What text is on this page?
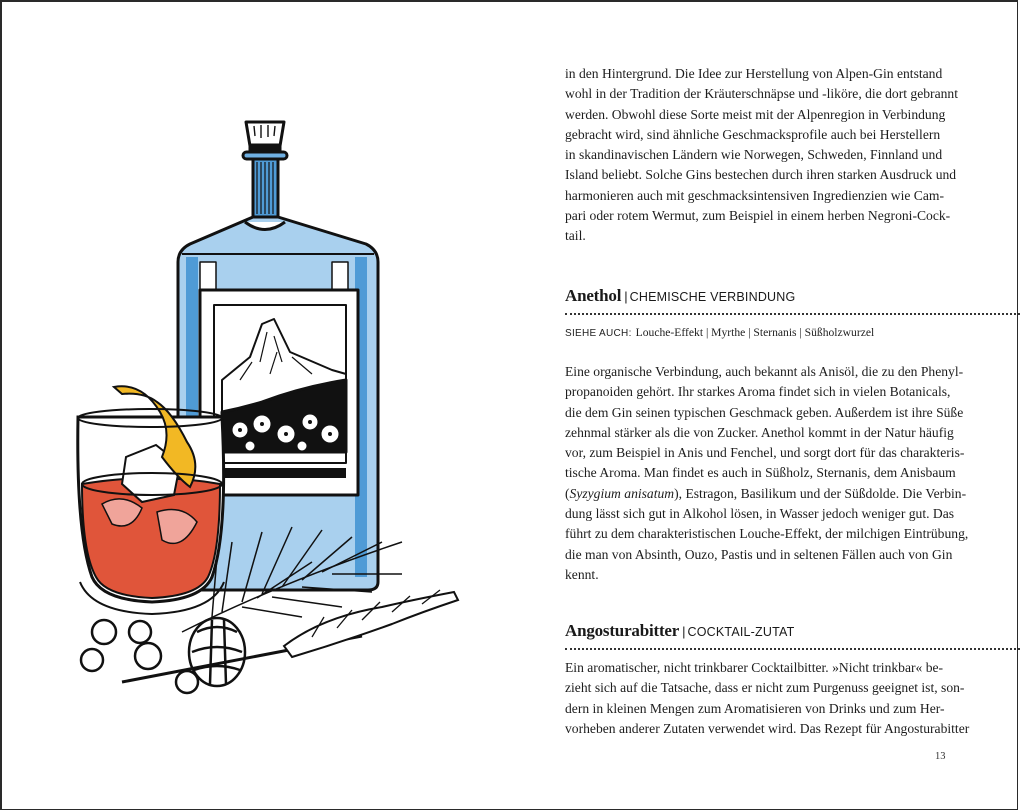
in den Hintergrund. Die Idee zur Herstellung von Alpen-Gin entstand
wohl in der Tradition der Kräuterschnäpse und -liköre, die dort gebrannt
werden. Obwohl diese Sorte meist mit der Alpenregion in Verbindung
gebracht wird, sind ähnliche Geschmacksprofile auch bei Herstellern
in skandinavischen Ländern wie Norwegen, Schweden, Finnland und
Island beliebt. Solche Gins bestechen durch ihren starken Ausdruck und
harmonieren auch mit geschmacksintensiven Ingredienzien wie Cam-
pari oder rotem Wermut, zum Beispiel in einem herben Negroni-Cock-
tail.
Anethol | CHEMISCHE VERBINDUNG
SIEHE AUCH: Louche-Effekt | Myrthe | Sternanis | Süßholzwurzel
Eine organische Verbindung, auch bekannt als Anisöl, die zu den Phenyl-
propanoiden gehört. Ihr starkes Aroma findet sich in vielen Botanicals,
die dem Gin seinen typischen Geschmack geben. Außerdem ist ihre Süße
zehnmal stärker als die von Zucker. Anethol kommt in der Natur häufig
vor, zum Beispiel in Anis und Fenchel, und sorgt dort für das charakteris-
tische Aroma. Man findet es auch in Süßholz, Sternanis, dem Anisbaum
(Syzygium anisatum), Estragon, Basilikum und der Süßdolde. Die Verbin-
dung lässt sich gut in Alkohol lösen, in Wasser jedoch weniger gut. Das
führt zu dem charakteristischen Louche-Effekt, der milchigen Eintrübung,
die man von Absinth, Ouzo, Pastis und in seltenen Fällen auch von Gin
kennt.
Angosturabitter | COCKTAIL-ZUTAT
Ein aromatischer, nicht trinkbarer Cocktailbitter. »Nicht trinkbar« be-
zieht sich auf die Tatsache, dass er nicht zum Purgenuss geeignet ist, son-
dern in kleinen Mengen zum Aromatisieren von Drinks und zum Her-
vorheben anderer Zutaten verwendet wird. Das Rezept für Angosturabitter
13
